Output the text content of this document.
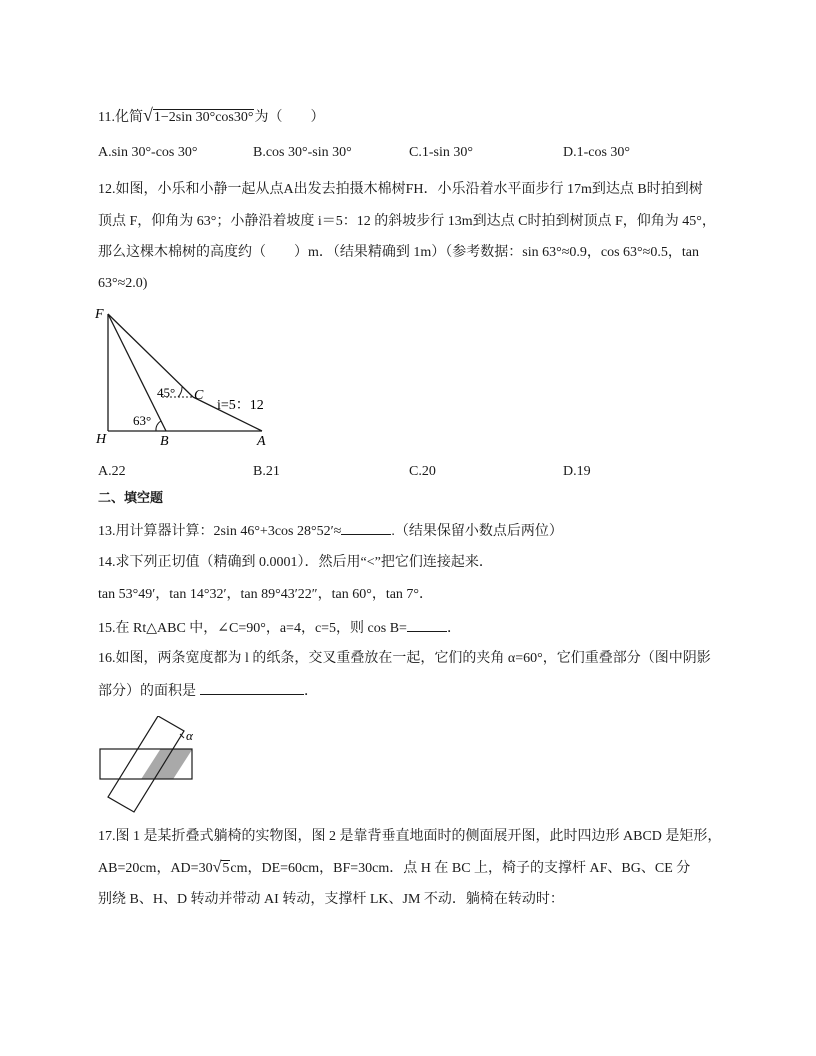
11.化简√1−2sin 30°cos30°为（　　）
A.sin 30°-cos 30°	B.cos 30°-sin 30°	C.1-sin 30°	D.1-cos 30°
12.如图，小乐和小静一起从点A出发去拍摄木棉树FH．小乐沿着水平面步行 17m到达点 B时拍到树
顶点 F，仰角为 63°；小静沿着坡度 i＝5：12 的斜坡步行 13m到达点 C时拍到树顶点 F，仰角为 45°，
那么这棵木棉树的高度约（　　）m．（结果精确到 1m）（参考数据：sin 63°≈0.9，cos 63°≈0.5，tan
63°≈2.0)
F
H	B	A
C
45°
63°
i=5：12
A.22	B.21	C.20	D.19
二、填空题
13.用计算器计算：2sin 46°+3cos 28°52′≈	.（结果保留小数点后两位）
14.求下列正切值（精确到 0.0001）．然后用“<”把它们连接起来．
tan 53°49′，tan 14°32′，tan 89°43′22″，tan 60°，tan 7°．
15.在 Rt△ABC 中，∠C=90°，a=4，c=5，则 cos B=	．
16.如图，两条宽度都为 l 的纸条，交叉重叠放在一起，它们的夹角 α=60°，它们重叠部分（图中阴影
部分）的面积是	．
α
17.图 1 是某折叠式躺椅的实物图，图 2 是靠背垂直地面时的侧面展开图，此时四边形 ABCD 是矩形，
AB=20cm，AD=30√5cm，DE=60cm，BF=30cm．点 H 在 BC 上，椅子的支撑杆 AF、BG、CE 分
别绕 B、H、D 转动并带动 AI 转动，支撑杆 LK、JM 不动．躺椅在转动时：
